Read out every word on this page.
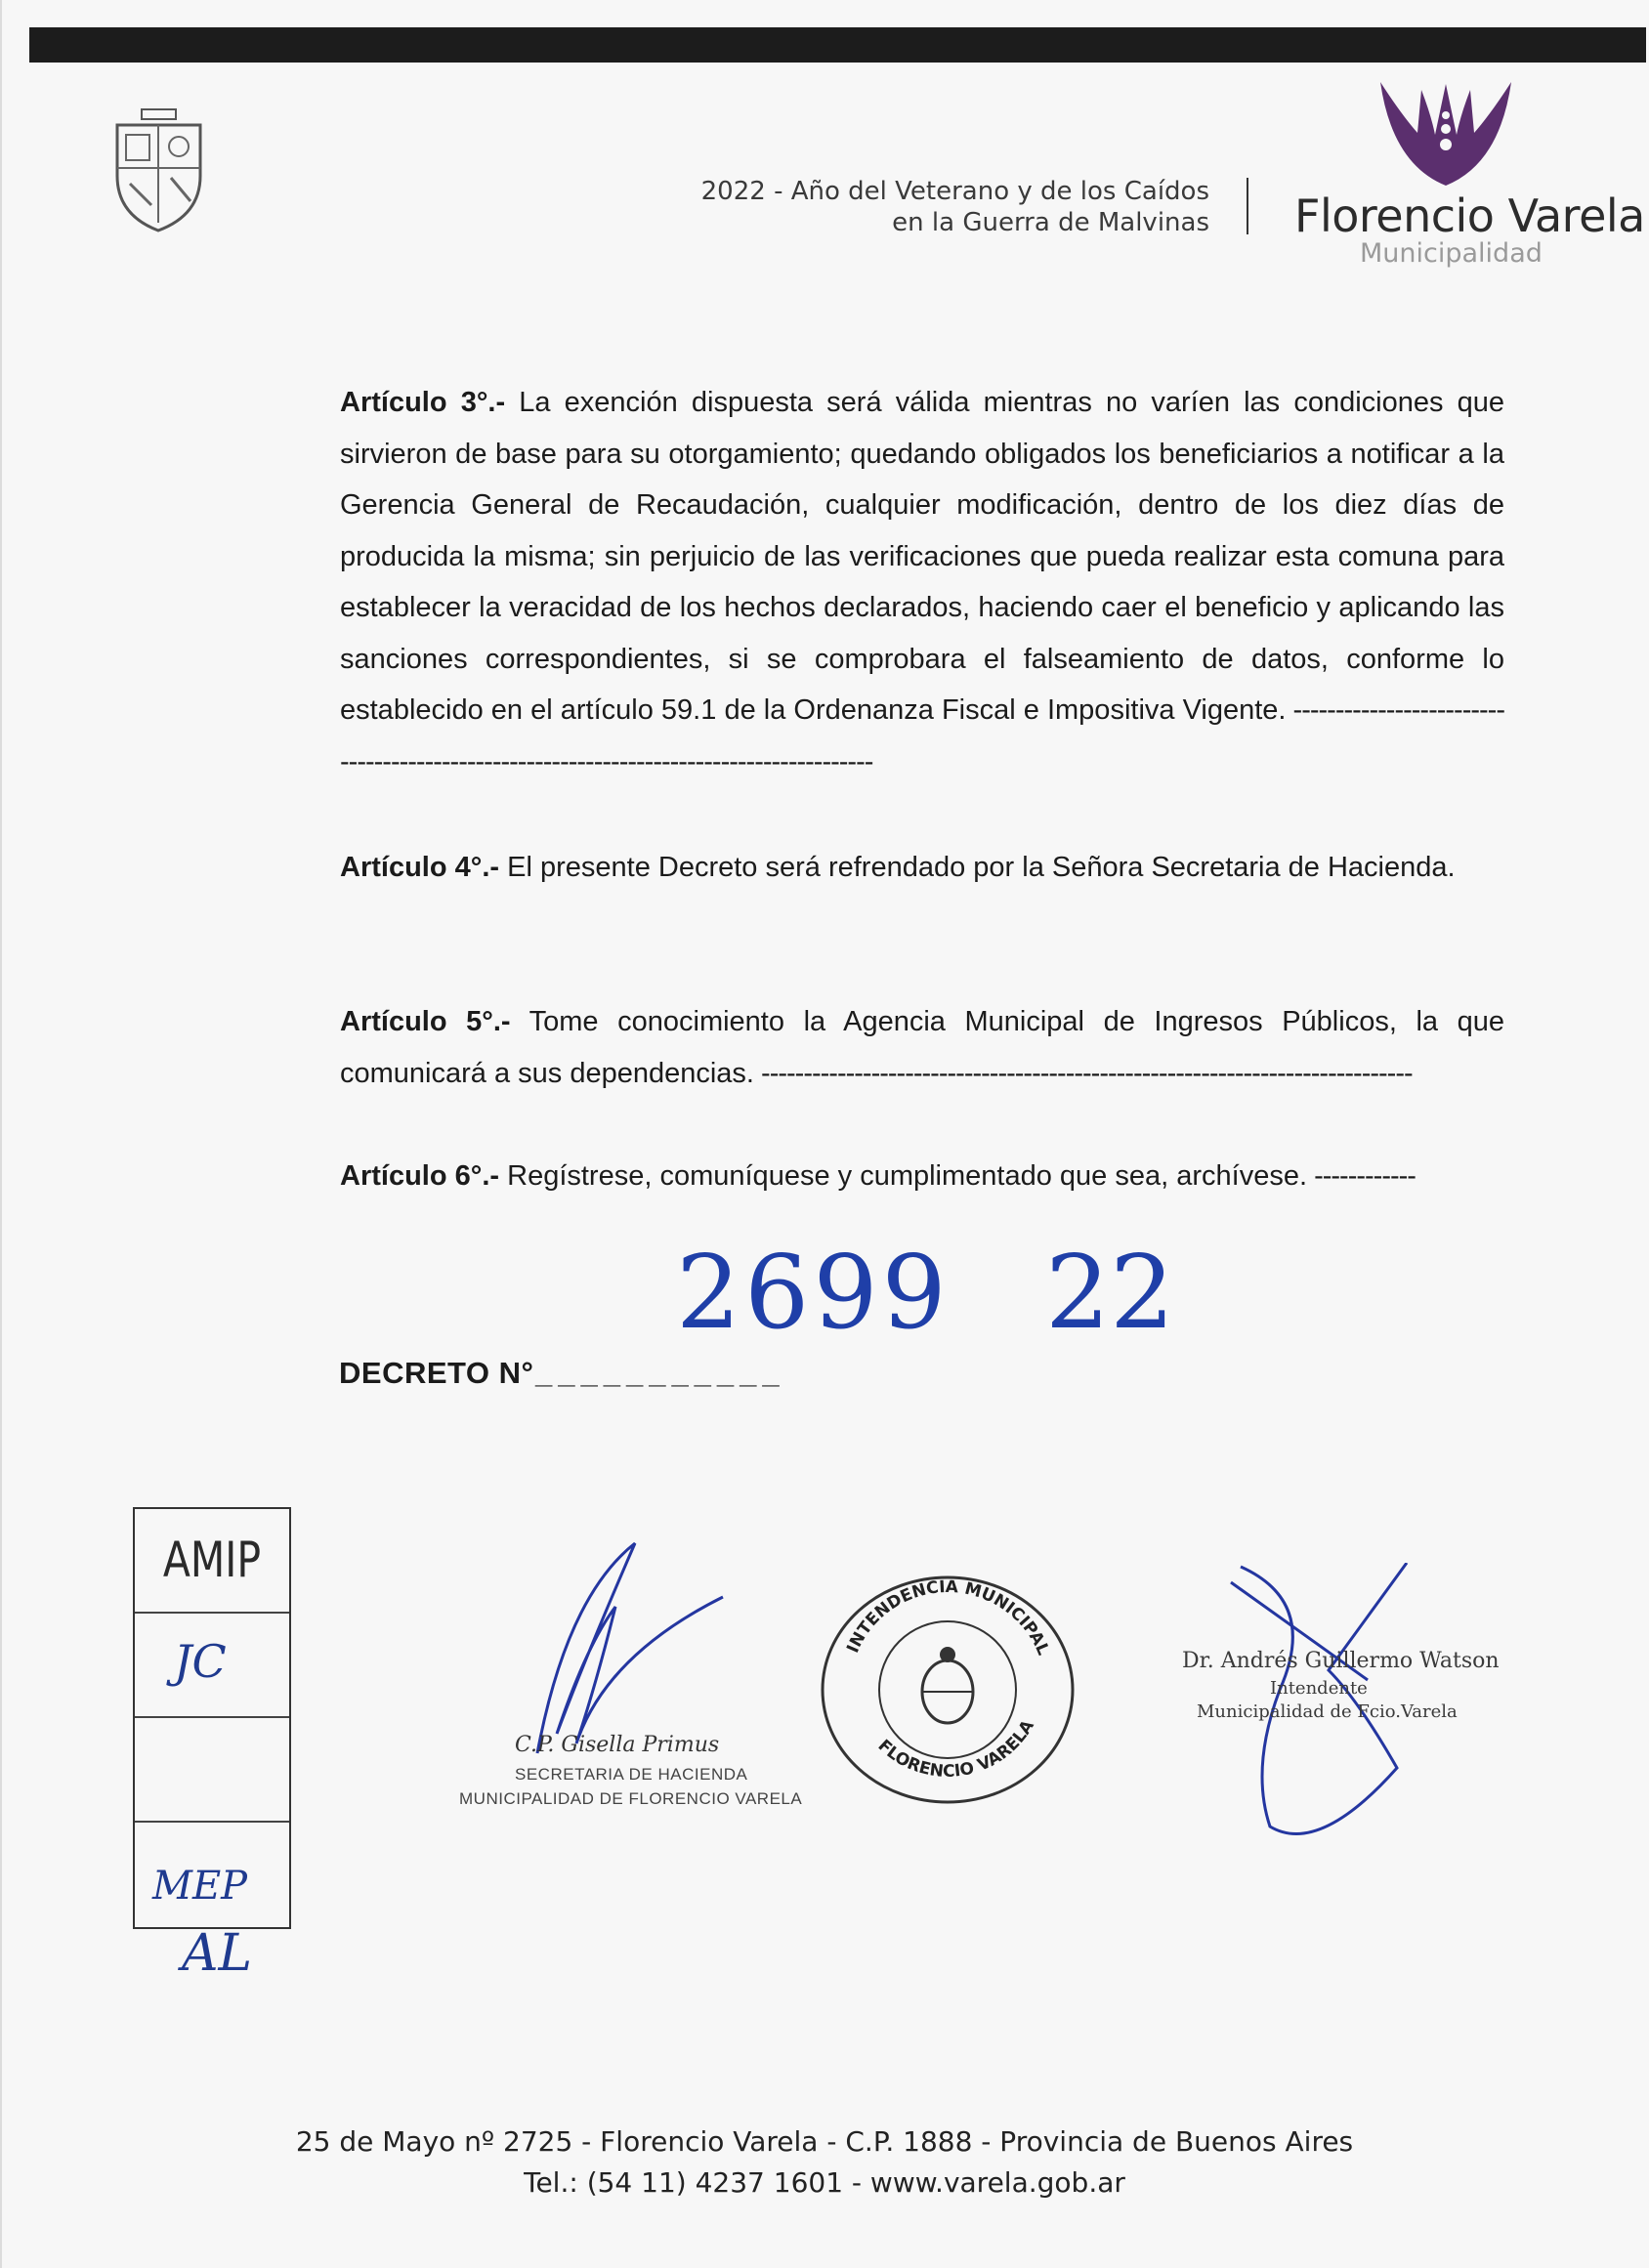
2022 - Año del Veterano y de los Caídos
en la Guerra de Malvinas Florencio Varela
Municipalidad

Artículo 3°.- La exención dispuesta será válida mientras no varíen las condiciones que sirvieron de base para su otorgamiento; quedando obligados los beneficiarios a notificar a la Gerencia General de Recaudación, cualquier modificación, dentro de los diez días de producida la misma; sin perjuicio de las verificaciones que pueda realizar esta comuna para establecer la veracidad de los hechos declarados, haciendo caer el beneficio y aplicando las sanciones correspondientes, si se comprobara el falseamiento de datos, conforme lo establecido en el artículo 59.1 de la Ordenanza Fiscal e Impositiva Vigente. ----------------------------------------------------------------------------------------

Artículo 4°.- El presente Decreto será refrendado por la Señora Secretaria de Hacienda.

Artículo 5°.- Tome conocimiento la Agencia Municipal de Ingresos Públicos, la que comunicará a sus dependencias. -----------------------------------------------------------------------------

Artículo 6°.- Regístrese, comuníquese y cumplimentado que sea, archívese. ------------

2699 22
DECRETO N° ___________
AMIP
JC
MEP
AL
C.P. Gisella Primus
SECRETARIA DE HACIENDA
MUNICIPALIDAD DE FLORENCIO VARELA
INTENDENCIA MUNICIPAL
FLORENCIO VARELA
Dr. Andrés Guillermo Watson
Intendente
Municipalidad de Fcio.Varela
25 de Mayo nº 2725 - Florencio Varela - C.P. 1888 - Provincia de Buenos Aires
Tel.: (54 11) 4237 1601 - www.varela.gob.ar
